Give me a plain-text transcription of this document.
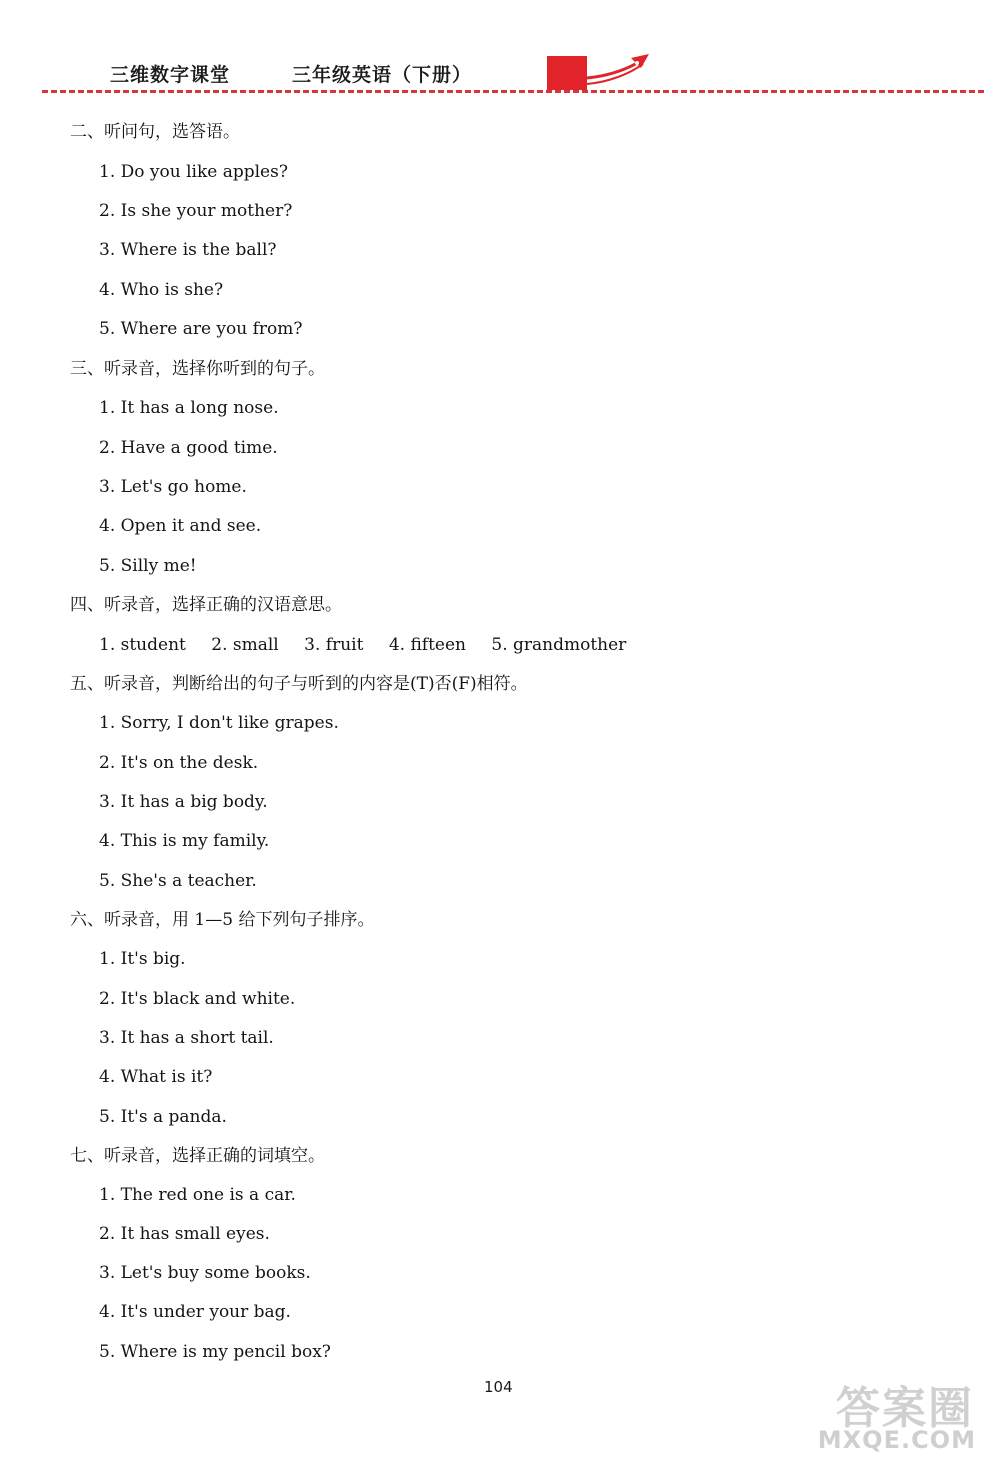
三维数字课堂	三年级英语（下册）
二、听问句，选答语。
1. Do you like apples?
2. Is she your mother?
3. Where is the ball?
4. Who is she?
5. Where are you from?
三、听录音，选择你听到的句子。
1. It has a long nose.
2. Have a good time.
3. Let's go home.
4. Open it and see.
5. Silly me!
四、听录音，选择正确的汉语意思。
1. student 2. small 3. fruit 4. fifteen 5. grandmother
五、听录音，判断给出的句子与听到的内容是(T)否(F)相符。
1. Sorry, I don't like grapes.
2. It's on the desk.
3. It has a big body.
4. This is my family.
5. She's a teacher.
六、听录音，用 1—5 给下列句子排序。
1. It's big.
2. It's black and white.
3. It has a short tail.
4. What is it?
5. It's a panda.
七、听录音，选择正确的词填空。
1. The red one is a car.
2. It has small eyes.
3. Let's buy some books.
4. It's under your bag.
5. Where is my pencil box?
104	答案圈
MXQE.COM
